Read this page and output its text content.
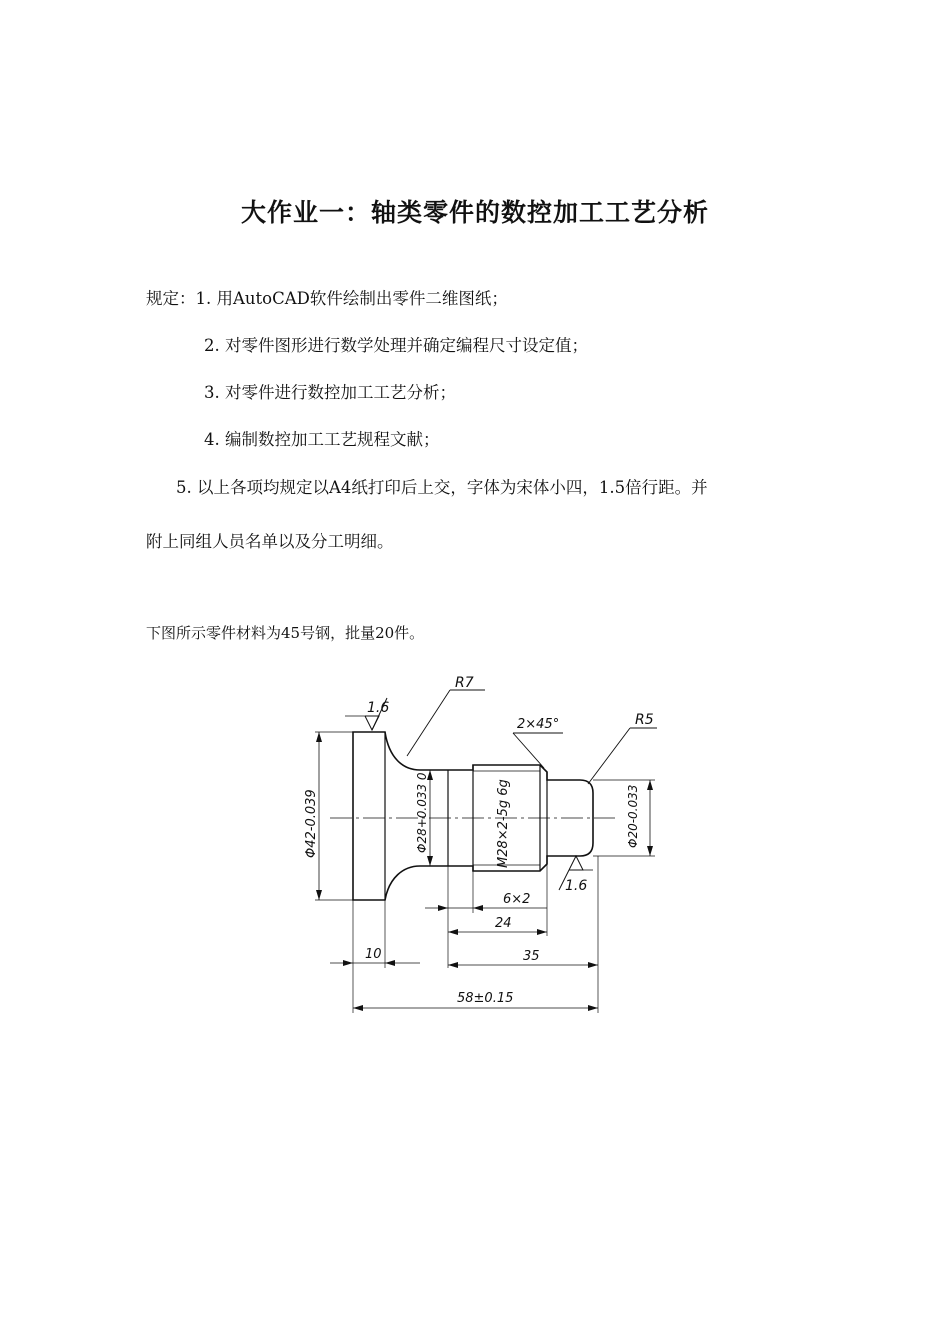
大作业一：轴类零件的数控加工工艺分析
规定：1. 用AutoCAD软件绘制出零件二维图纸；
2. 对零件图形进行数学处理并确定编程尺寸设定值；
3. 对零件进行数控加工工艺分析；
4. 编制数控加工工艺规程文献；
5. 以上各项均规定以A4纸打印后上交，字体为宋体小四，1.5倍行距。并
附上同组人员名单以及分工明细。
下图所示零件材料为45号钢，批量20件。
1.6
R7
2×45°	R5
1.6
Φ42-0.039	Φ28+0.033 0	M28×2-5g 6g	Φ20-0.033
6×2
24
10	35
58±0.15
